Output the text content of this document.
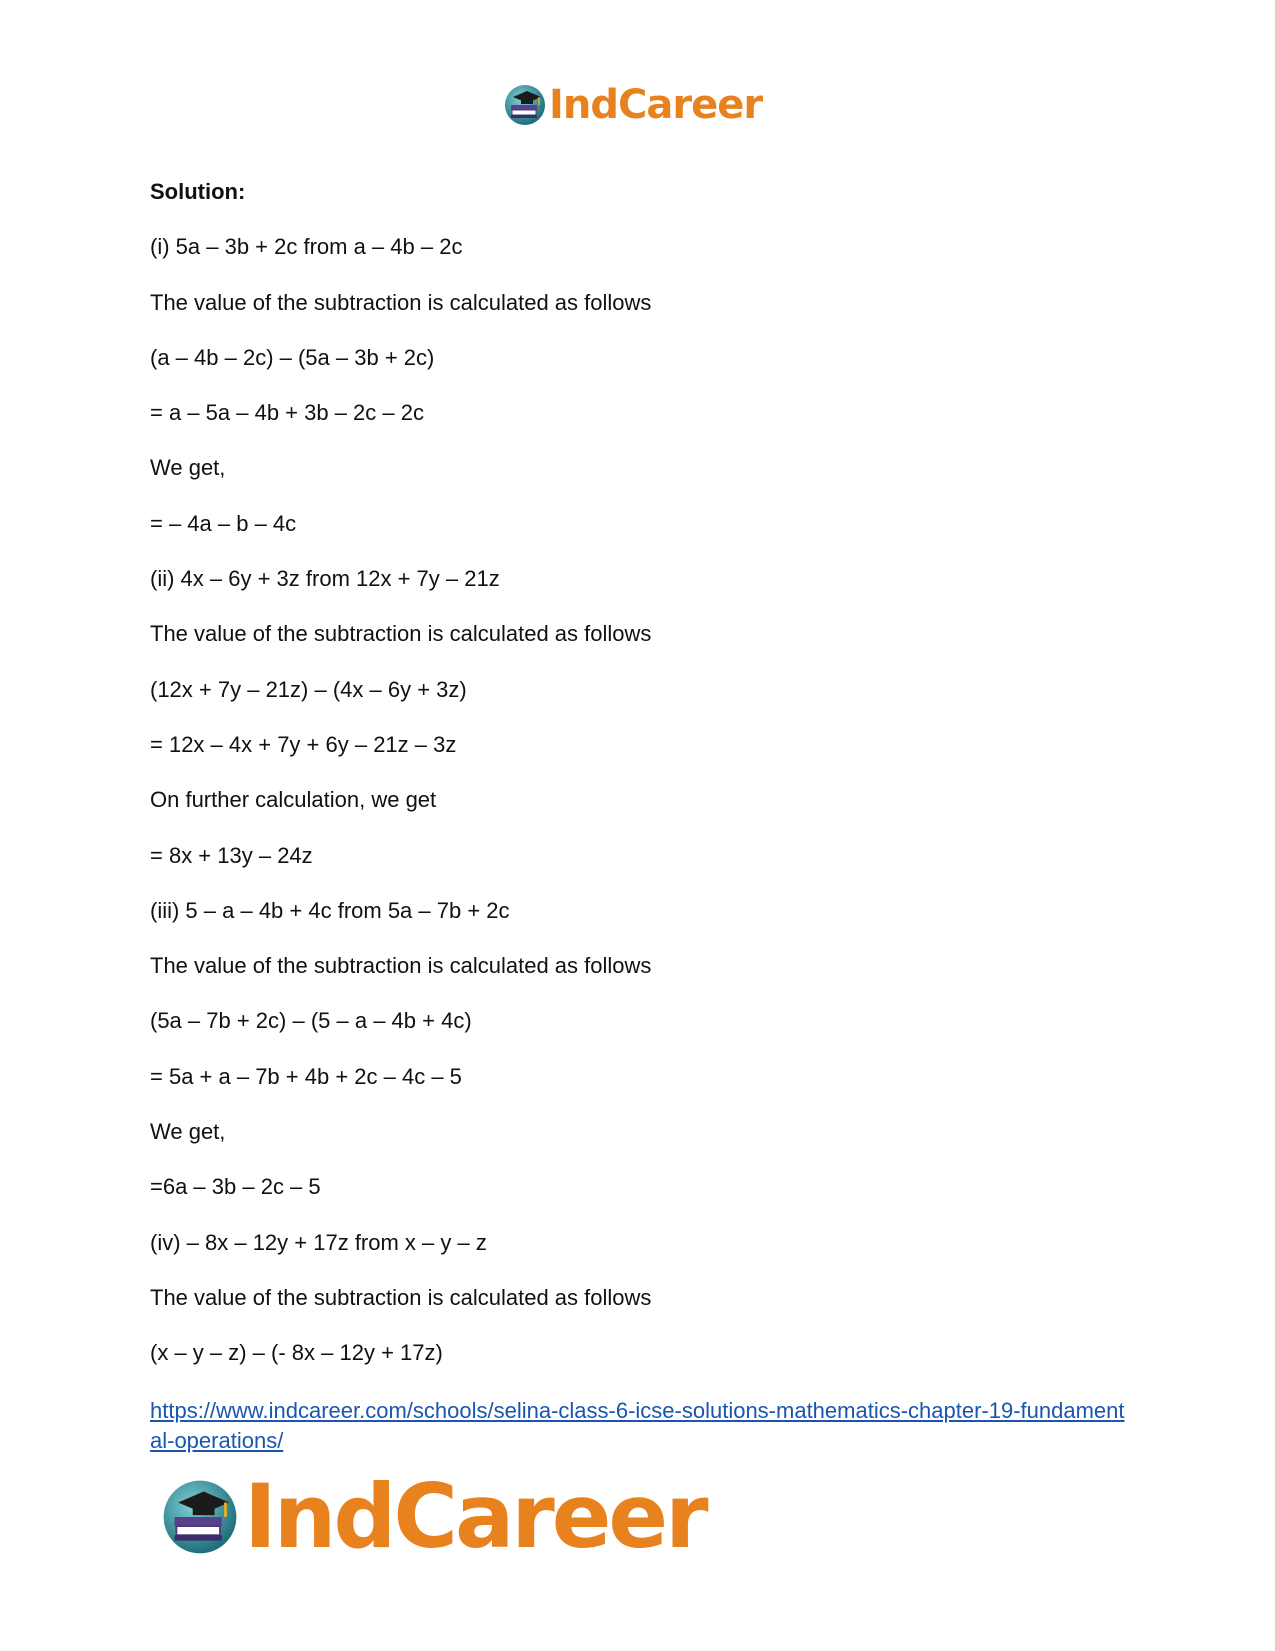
IndCareer
Solution:
(i) 5a – 3b + 2c from a – 4b – 2c
The value of the subtraction is calculated as follows
(a – 4b – 2c) – (5a – 3b + 2c)
= a – 5a – 4b + 3b – 2c – 2c
We get,
= – 4a – b – 4c
(ii) 4x – 6y + 3z from 12x + 7y – 21z
The value of the subtraction is calculated as follows
(12x + 7y – 21z) – (4x – 6y + 3z)
= 12x – 4x + 7y + 6y – 21z – 3z
On further calculation, we get
= 8x + 13y – 24z
(iii) 5 – a – 4b + 4c from 5a – 7b + 2c
The value of the subtraction is calculated as follows
(5a – 7b + 2c) – (5 – a – 4b + 4c)
= 5a + a – 7b + 4b + 2c – 4c – 5
We get,
=6a – 3b – 2c – 5
(iv) – 8x – 12y + 17z from x – y – z
The value of the subtraction is calculated as follows
(x – y – z) – (- 8x – 12y + 17z)
https://www.indcareer.com/schools/selina-class-6-icse-solutions-mathematics-chapter-19-fundamental-operations/
IndCareer
